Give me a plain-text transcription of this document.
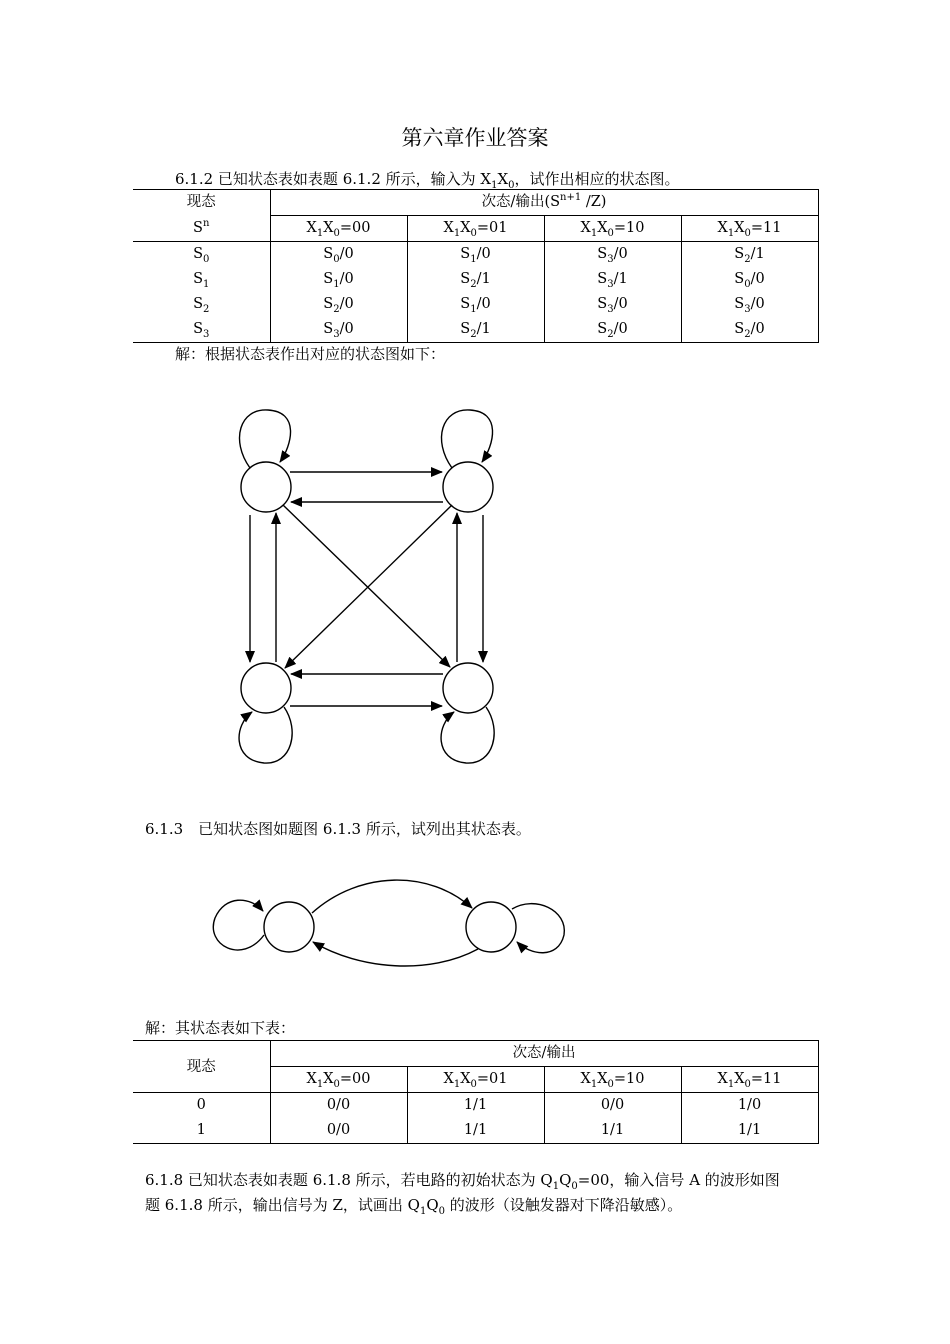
第六章作业答案
6.1.2 已知状态表如表题 6.1.2 所示，输入为 $X_1X_0$，试作出相应的状态图。
现态	次态/输出($S^{n+1}$ /Z)			
$S^n$	$X_1X_0=00$	$X_1X_0=01$	$X_1X_0=10$	$X_1X_0=11$
$S_0$	$S_0/0$	$S_1/0$	$S_3/0$	$S_2/1$
$S_1$	$S_1/0$	$S_2/1$	$S_3/1$	$S_0/0$
$S_2$	$S_2/0$	$S_1/0$	$S_3/0$	$S_3/0$
$S_3$	$S_3/0$	$S_2/1$	$S_2/0$	$S_2/0$
解：根据状态表作出对应的状态图如下：
6.1.3　已知状态图如题图 6.1.3 所示，试列出其状态表。
解：其状态表如下表：
现态	次态/输出			
	$X_1X_0=00$	$X_1X_0=01$	$X_1X_0=10$	$X_1X_0=11$
0	0/0	1/1	0/0	1/0
1	0/0	1/1	1/1	1/1
6.1.8 已知状态表如表题 6.1.8 所示，若电路的初始状态为 $Q_1Q_0=00$，输入信号 A 的波形如图
题 6.1.8 所示，输出信号为 Z，试画出 $Q_1Q_0$ 的波形（设触发器对下降沿敏感）。
